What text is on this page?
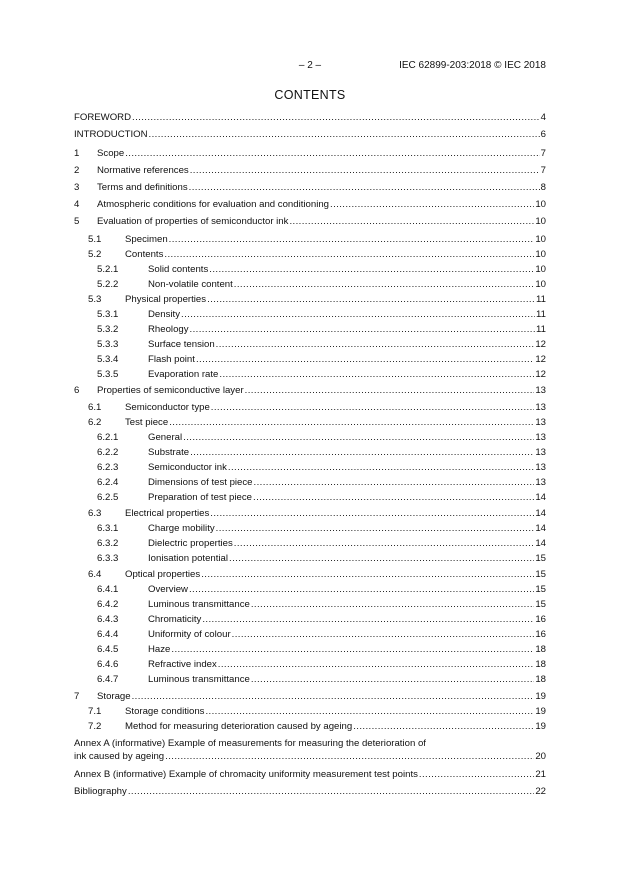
– 2 –	IEC 62899-203:2018 © IEC 2018
CONTENTS
FOREWORD .....	4
INTRODUCTION .....	6
1	Scope .....	7
2	Normative references .....	7
3	Terms and definitions .....	8
4	Atmospheric conditions for evaluation and conditioning .....	10
5	Evaluation of properties of semiconductor ink .....	10
5.1	Specimen .....	10
5.2	Contents .....	10
5.2.1	Solid contents .....	10
5.2.2	Non-volatile content .....	10
5.3	Physical properties .....	11
5.3.1	Density .....	11
5.3.2	Rheology .....	11
5.3.3	Surface tension .....	12
5.3.4	Flash point .....	12
5.3.5	Evaporation rate .....	12
6	Properties of semiconductive layer .....	13
6.1	Semiconductor type .....	13
6.2	Test piece .....	13
6.2.1	General .....	13
6.2.2	Substrate .....	13
6.2.3	Semiconductor ink .....	13
6.2.4	Dimensions of test piece .....	13
6.2.5	Preparation of test piece .....	14
6.3	Electrical properties .....	14
6.3.1	Charge mobility .....	14
6.3.2	Dielectric properties .....	14
6.3.3	Ionisation potential .....	15
6.4	Optical properties .....	15
6.4.1	Overview .....	15
6.4.2	Luminous transmittance .....	15
6.4.3	Chromaticity .....	16
6.4.4	Uniformity of colour .....	16
6.4.5	Haze .....	18
6.4.6	Refractive index .....	18
6.4.7	Luminous transmittance .....	18
7	Storage .....	19
7.1	Storage conditions .....	19
7.2	Method for measuring deterioration caused by ageing .....	19
Annex A (informative) Example of measurements for measuring the deterioration of
ink caused by ageing .....	20
Annex B (informative) Example of chromacity uniformity measurement test points .....	21
Bibliography .....	22
